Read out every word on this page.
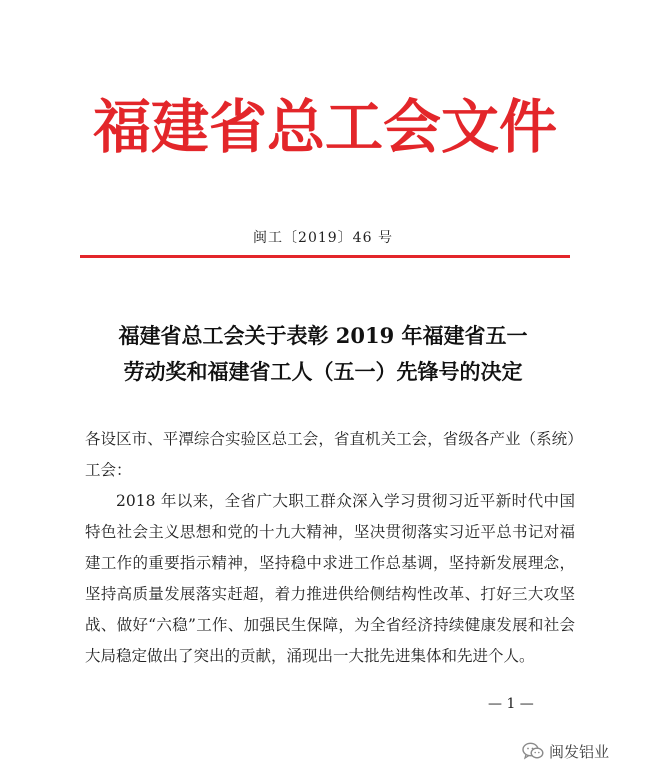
福建省总工会文件
闽工〔2019〕46 号
福建省总工会关于表彰 2019 年福建省五一
劳动奖和福建省工人（五一）先锋号的决定

各设区市、平潭综合实验区总工会，省直机关工会，省级各产业（系统）工会：

2018 年以来，全省广大职工群众深入学习贯彻习近平新时代中国特色社会主义思想和党的十九大精神，坚决贯彻落实习近平总书记对福建工作的重要指示精神，坚持稳中求进工作总基调，坚持新发展理念，坚持高质量发展落实赶超，着力推进供给侧结构性改革、打好三大攻坚战、做好“六稳”工作、加强民生保障，为全省经济持续健康发展和社会大局稳定做出了突出的贡献，涌现出一大批先进集体和先进个人。

— 1 —
闽发铝业
